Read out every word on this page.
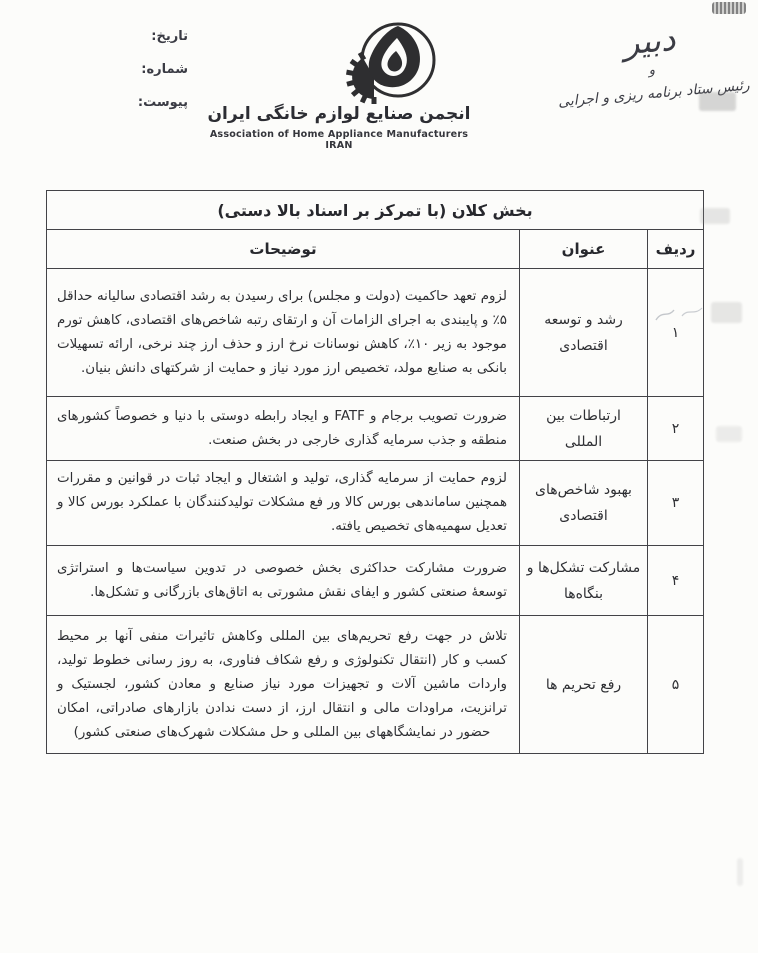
تاریخ:
شماره:
پیوست:
انجمن صنایع لوازم خانگی ایران
Association of Home Appliance Manufacturers IRAN
دبیر
و
رئیس ستاد برنامه ریزی و اجرایی
بخش کلان (با تمرکز بر اسناد بالا دستی)		
ردیف	عنوان	توضیحات
۱	رشد و توسعه اقتصادی	لزوم تعهد حاکمیت (دولت و مجلس) برای رسیدن به رشد اقتصادی سالیانه حداقل ۵٪ و پایبندی به اجرای الزامات آن و ارتقای رتبه شاخص‌های اقتصادی، کاهش تورم موجود به زیر ۱۰٪، کاهش نوسانات نرخ ارز و حذف ارز چند نرخی، ارائه تسهیلات بانکی به صنایع مولد، تخصیص ارز مورد نیاز و حمایت از شرکتهای دانش بنیان.
۲	ارتباطات بین المللی	ضرورت تصویب برجام و FATF و ایجاد رابطه دوستی با دنیا و خصوصاً کشورهای منطقه و جذب سرمایه گذاری خارجی در بخش صنعت.
۳	بهبود شاخص‌های اقتصادی	لزوم حمایت از سرمایه گذاری، تولید و اشتغال و ایجاد ثبات در قوانین و مقررات همچنین ساماندهی بورس کالا ور فع مشکلات تولیدکنندگان با عملکرد بورس کالا و تعدیل سهمیه‌های تخصیص یافته.
۴	مشارکت تشکل‌ها و بنگاه‌ها	ضرورت مشارکت حداکثری بخش خصوصی در تدوین سیاست‌ها و استراتژی توسعۀ صنعتی کشور و ایفای نقش مشورتی به اتاق‌های بازرگانی و تشکل‌ها.
۵	رفع تحریم ها	تلاش در جهت رفع تحریم‌های بین المللی وکاهش تاثیرات منفی آنها بر محیط کسب و کار (انتقال تکنولوژی و رفع شکاف فناوری، به روز رسانی خطوط تولید، واردات ماشین آلات و تجهیزات مورد نیاز صنایع و معادن کشور، لجستیک و ترانزیت، مراودات مالی و انتقال ارز، از دست ندادن بازارهای صادراتی، امکان حضور در نمایشگاههای بین المللی و حل مشکلات شهرک‌های صنعتی کشور)
